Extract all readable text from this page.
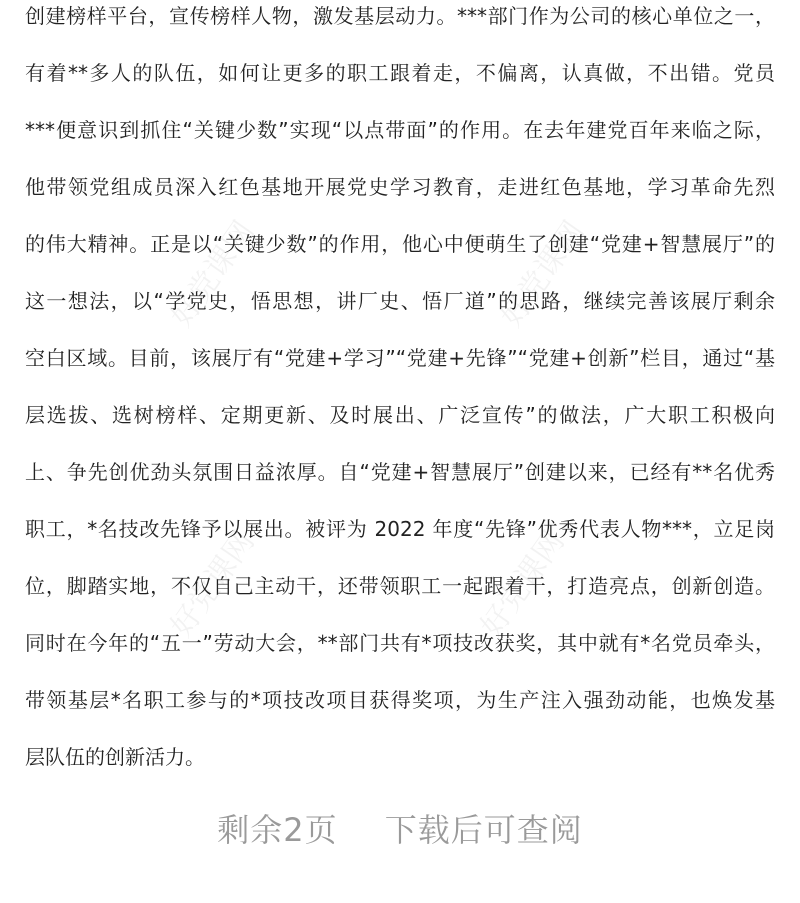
好党课网	好党课网
好党课网	好党课网
创建榜样平台，宣传榜样人物，激发基层动力。***部门作为公司的核心单位之一，
有着**多人的队伍，如何让更多的职工跟着走，不偏离，认真做，不出错。党员
***便意识到抓住“关键少数”实现“以点带面”的作用。在去年建党百年来临之际，
他带领党组成员深入红色基地开展党史学习教育，走进红色基地，学习革命先烈
的伟大精神。正是以“关键少数”的作用，他心中便萌生了创建“党建+智慧展厅”的
这一想法，以“学党史，悟思想，讲厂史、悟厂道”的思路，继续完善该展厅剩余
空白区域。目前，该展厅有“党建+学习”“党建+先锋”“党建+创新”栏目，通过“基
层选拔、选树榜样、定期更新、及时展出、广泛宣传”的做法，广大职工积极向
上、争先创优劲头氛围日益浓厚。自“党建+智慧展厅”创建以来，已经有**名优秀
职工，*名技改先锋予以展出。被评为 2022 年度“先锋”优秀代表人物***，立足岗
位，脚踏实地，不仅自己主动干，还带领职工一起跟着干，打造亮点，创新创造。
同时在今年的“五一”劳动大会，**部门共有*项技改获奖，其中就有*名党员牵头，
带领基层*名职工参与的*项技改项目获得奖项，为生产注入强劲动能，也焕发基
层队伍的创新活力。
剩余2页 下载后可查阅
